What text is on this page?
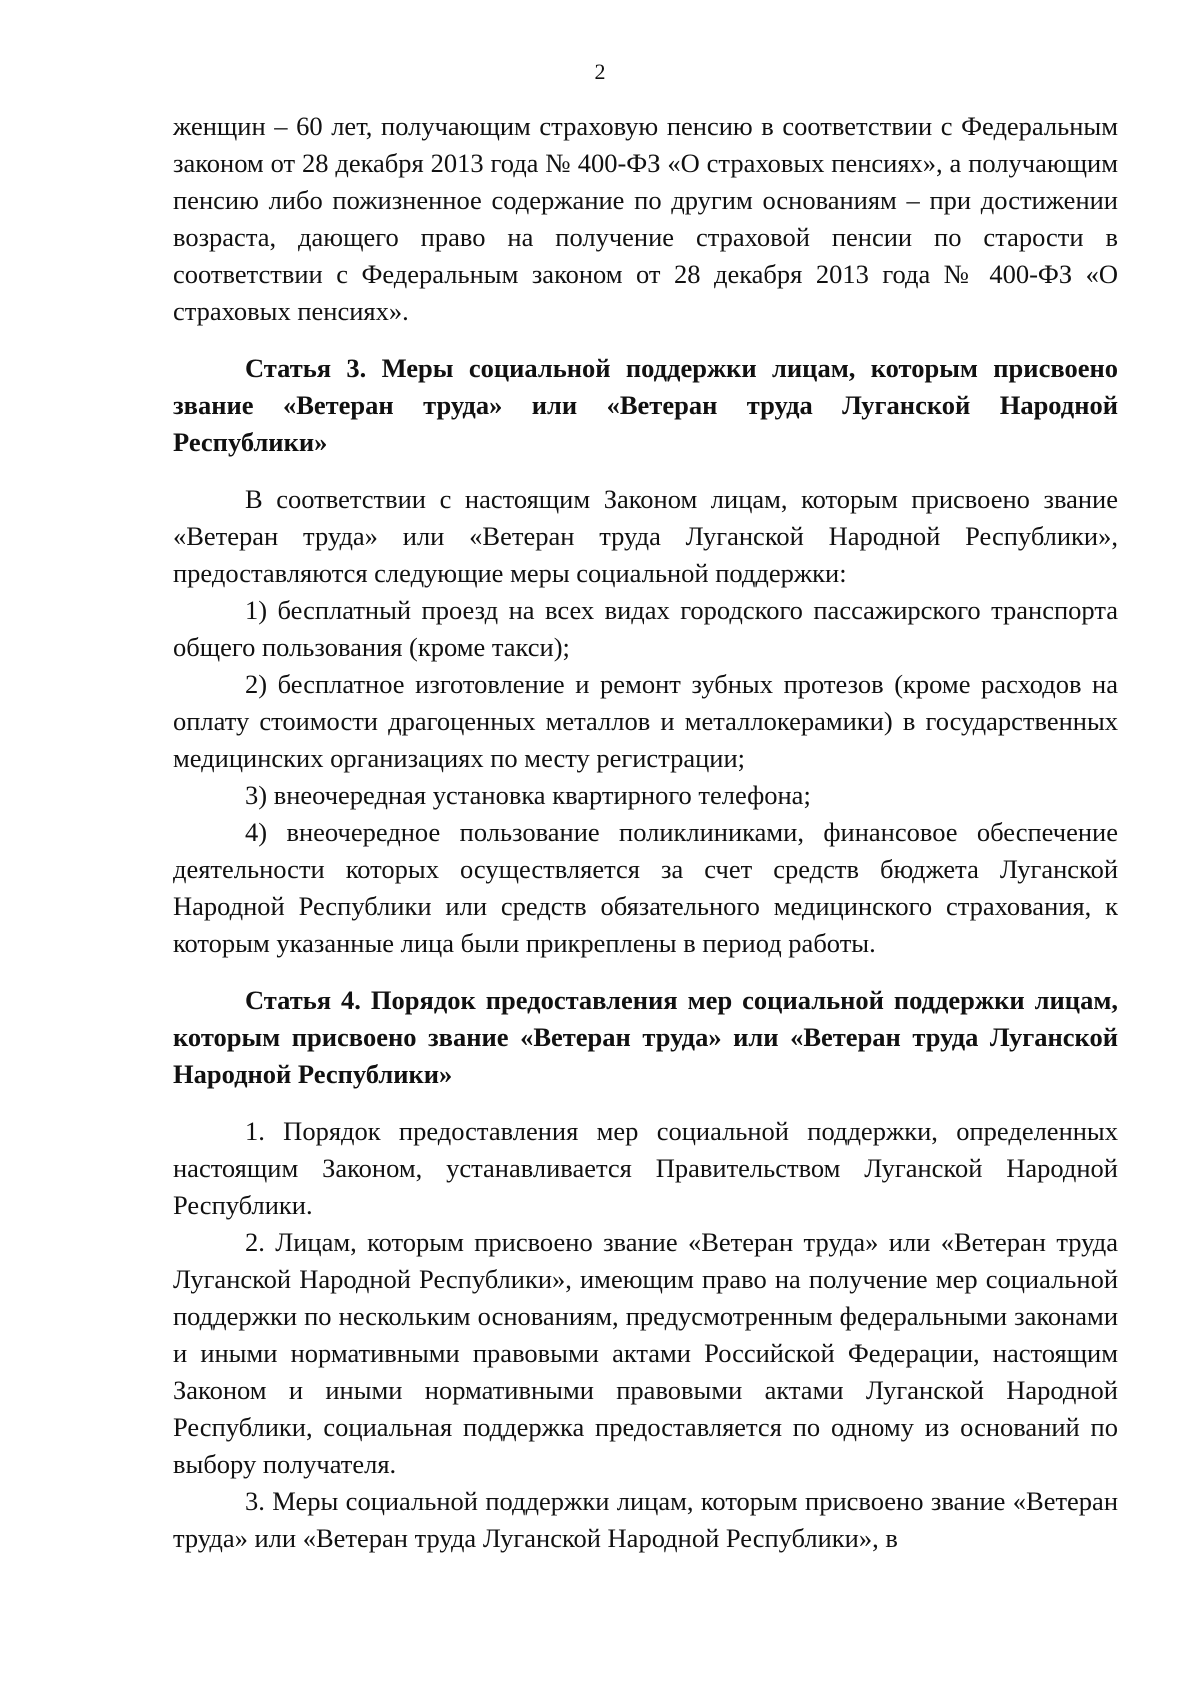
2

женщин – 60 лет, получающим страховую пенсию в соответствии с Федеральным законом от 28 декабря 2013 года № 400-ФЗ «О страховых пенсиях», а получающим пенсию либо пожизненное содержание по другим основаниям – при достижении возраста, дающего право на получение страховой пенсии по старости в соответствии с Федеральным законом от 28 декабря 2013 года № 400-ФЗ «О страховых пенсиях».

Статья 3. Меры социальной поддержки лицам, которым присвоено звание «Ветеран труда» или «Ветеран труда Луганской Народной Республики»

В соответствии с настоящим Законом лицам, которым присвоено звание «Ветеран труда» или «Ветеран труда Луганской Народной Республики», предоставляются следующие меры социальной поддержки:

1) бесплатный проезд на всех видах городского пассажирского транспорта общего пользования (кроме такси);

2) бесплатное изготовление и ремонт зубных протезов (кроме расходов на оплату стоимости драгоценных металлов и металлокерамики) в государственных медицинских организациях по месту регистрации;

3) внеочередная установка квартирного телефона;

4) внеочередное пользование поликлиниками, финансовое обеспечение деятельности которых осуществляется за счет средств бюджета Луганской Народной Республики или средств обязательного медицинского страхования, к которым указанные лица были прикреплены в период работы.

Статья 4. Порядок предоставления мер социальной поддержки лицам, которым присвоено звание «Ветеран труда» или «Ветеран труда Луганской Народной Республики»

1. Порядок предоставления мер социальной поддержки, определенных настоящим Законом, устанавливается Правительством Луганской Народной Республики.

2. Лицам, которым присвоено звание «Ветеран труда» или «Ветеран труда Луганской Народной Республики», имеющим право на получение мер социальной поддержки по нескольким основаниям, предусмотренным федеральными законами и иными нормативными правовыми актами Российской Федерации, настоящим Законом и иными нормативными правовыми актами Луганской Народной Республики, социальная поддержка предоставляется по одному из оснований по выбору получателя.

3. Меры социальной поддержки лицам, которым присвоено звание «Ветеран труда» или «Ветеран труда Луганской Народной Республики», в
